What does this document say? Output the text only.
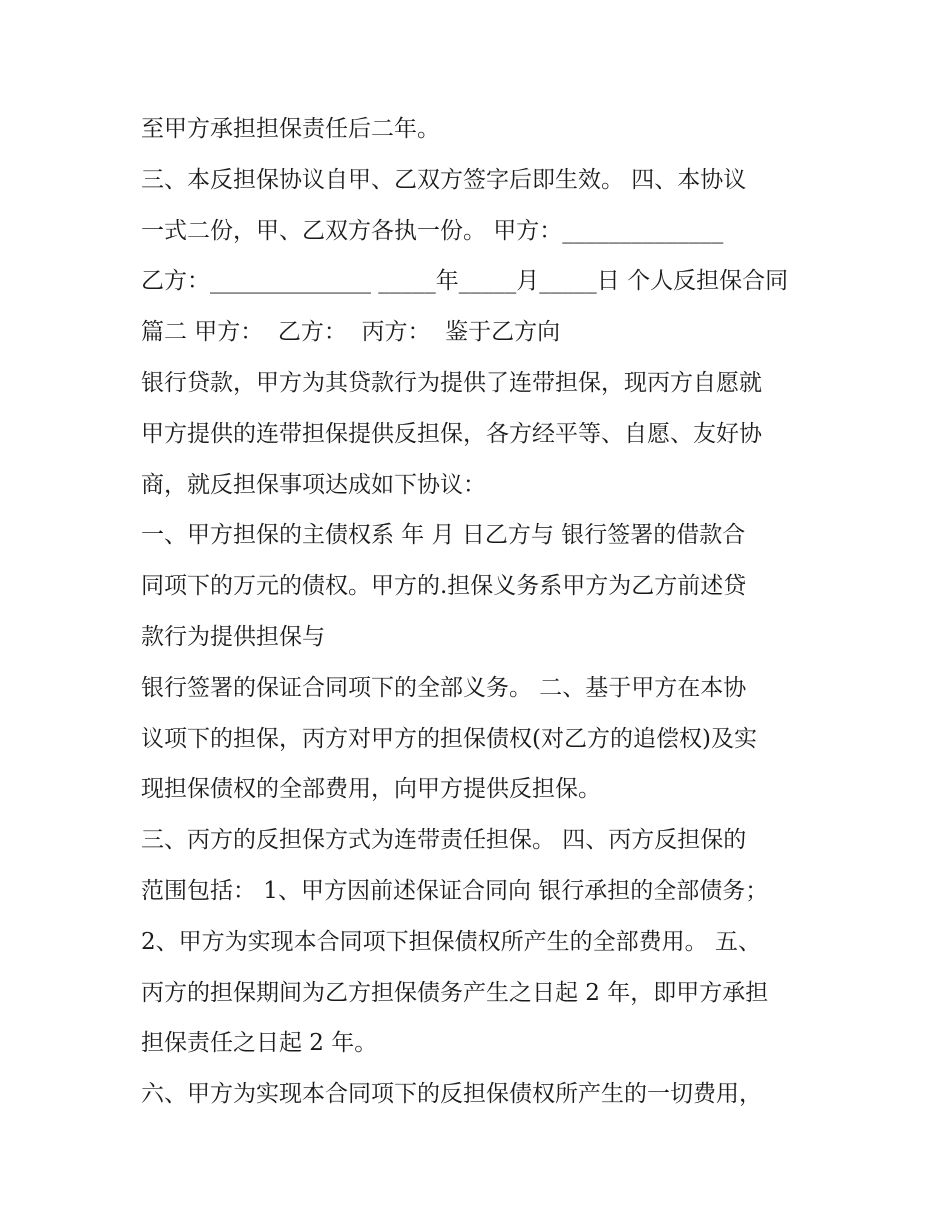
至甲方承担担保责任后二年。
三、本反担保协议自甲、乙双方签字后即生效。 四、本协议
一式二份，甲、乙双方各执一份。 甲方：______________
乙方：______________ _____年_____月_____日 个人反担保合同
篇二 甲方：  乙方：  丙方：  鉴于乙方向
银行贷款，甲方为其贷款行为提供了连带担保，现丙方自愿就
甲方提供的连带担保提供反担保，各方经平等、自愿、友好协
商，就反担保事项达成如下协议：
一、甲方担保的主债权系 年 月 日乙方与 银行签署的借款合
同项下的万元的债权。甲方的.担保义务系甲方为乙方前述贷
款行为提供担保与
银行签署的保证合同项下的全部义务。 二、基于甲方在本协
议项下的担保，丙方对甲方的担保债权(对乙方的追偿权)及实
现担保债权的全部费用，向甲方提供反担保。
三、丙方的反担保方式为连带责任担保。 四、丙方反担保的
范围包括： 1、甲方因前述保证合同向 银行承担的全部债务；
2、甲方为实现本合同项下担保债权所产生的全部费用。 五、
丙方的担保期间为乙方担保债务产生之日起 2 年，即甲方承担
担保责任之日起 2 年。
六、甲方为实现本合同项下的反担保债权所产生的一切费用，
